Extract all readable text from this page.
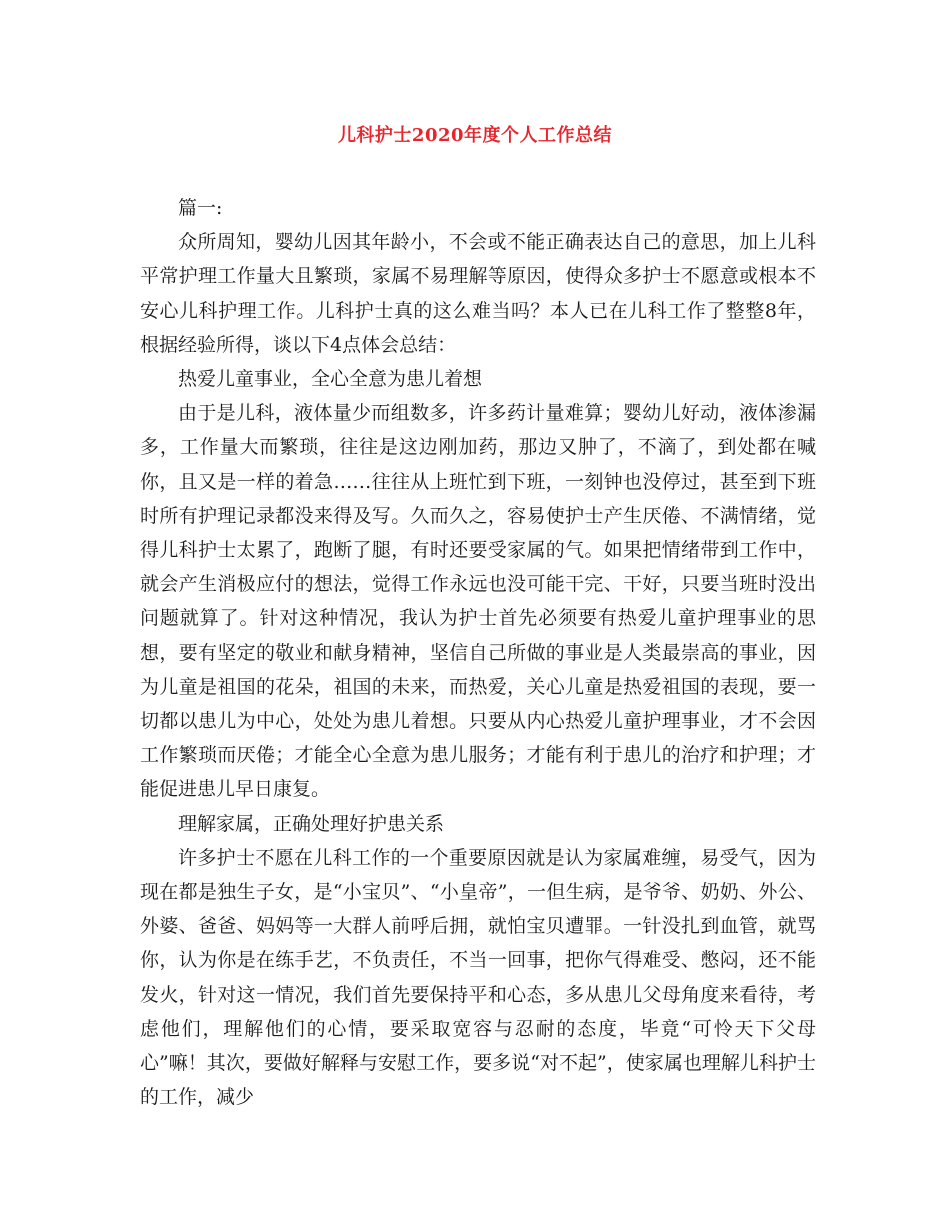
儿科护士2020年度个人工作总结

篇一:

众所周知，婴幼儿因其年龄小，不会或不能正确表达自己的意思，加上儿科平常护理工作量大且繁琐，家属不易理解等原因，使得众多护士不愿意或根本不安心儿科护理工作。儿科护士真的这么难当吗？本人已在儿科工作了整整8年，根据经验所得，谈以下4点体会总结：

热爱儿童事业，全心全意为患儿着想

由于是儿科，液体量少而组数多，许多药计量难算；婴幼儿好动，液体渗漏多，工作量大而繁琐，往往是这边刚加药，那边又肿了，不滴了，到处都在喊你，且又是一样的着急……往往从上班忙到下班，一刻钟也没停过，甚至到下班时所有护理记录都没来得及写。久而久之，容易使护士产生厌倦、不满情绪，觉得儿科护士太累了，跑断了腿，有时还要受家属的气。如果把情绪带到工作中，就会产生消极应付的想法，觉得工作永远也没可能干完、干好，只要当班时没出问题就算了。针对这种情况，我认为护士首先必须要有热爱儿童护理事业的思想，要有坚定的敬业和献身精神，坚信自己所做的事业是人类最崇高的事业，因为儿童是祖国的花朵，祖国的未来，而热爱，关心儿童是热爱祖国的表现，要一切都以患儿为中心，处处为患儿着想。只要从内心热爱儿童护理事业，才不会因工作繁琐而厌倦；才能全心全意为患儿服务；才能有利于患儿的治疗和护理；才能促进患儿早日康复。

理解家属，正确处理好护患关系

许多护士不愿在儿科工作的一个重要原因就是认为家属难缠，易受气，因为现在都是独生子女，是“小宝贝”、“小皇帝”，一但生病，是爷爷、奶奶、外公、外婆、爸爸、妈妈等一大群人前呼后拥，就怕宝贝遭罪。一针没扎到血管，就骂你，认为你是在练手艺，不负责任，不当一回事，把你气得难受、憋闷，还不能发火，针对这一情况，我们首先要保持平和心态，多从患儿父母角度来看待，考虑他们，理解他们的心情，要采取宽容与忍耐的态度，毕竟“可怜天下父母心”嘛！其次，要做好解释与安慰工作，要多说“对不起”，使家属也理解儿科护士的工作，减少
